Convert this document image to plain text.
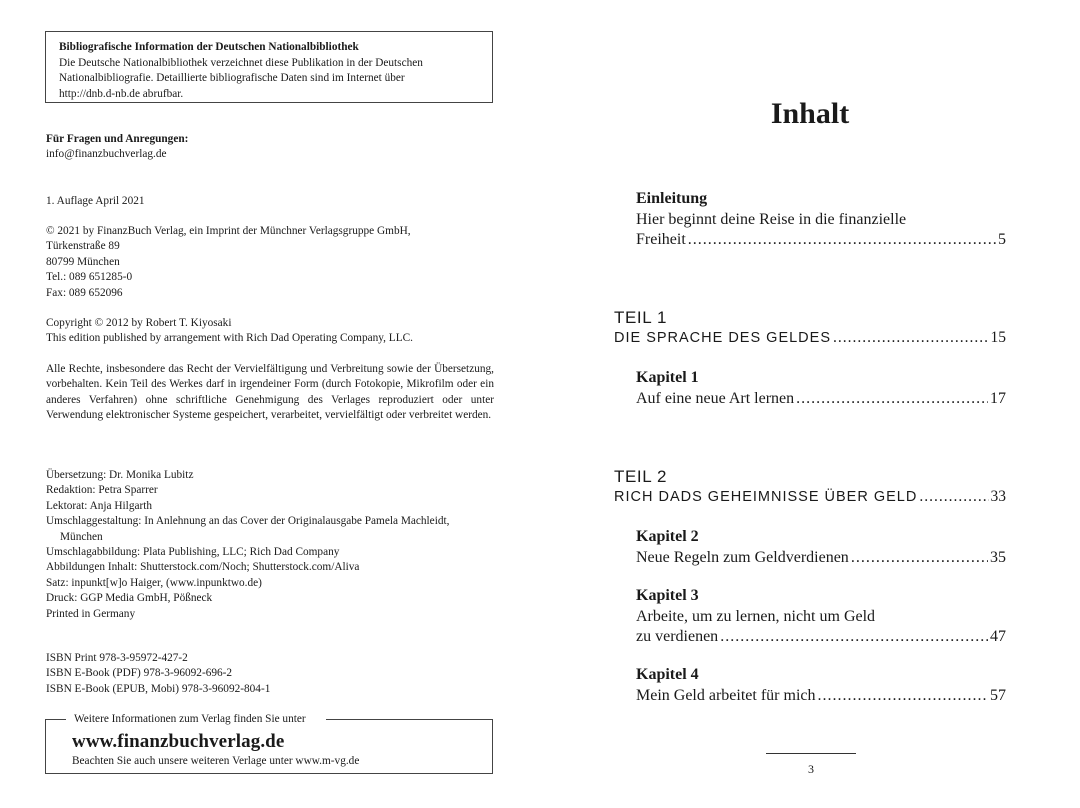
Bibliografische Information der Deutschen Nationalbibliothek
Die Deutsche Nationalbibliothek verzeichnet diese Publikation in der Deutschen
Nationalbibliografie. Detaillierte bibliografische Daten sind im Internet über
http://dnb.d-nb.de abrufbar.
Für Fragen und Anregungen:
info@finanzbuchverlag.de
1. Auflage April 2021
© 2021 by FinanzBuch Verlag, ein Imprint der Münchner Verlagsgruppe GmbH,
Türkenstraße 89
80799 München
Tel.: 089 651285-0
Fax: 089 652096
Copyright © 2012 by Robert T. Kiyosaki
This edition published by arrangement with Rich Dad Operating Company, LLC.
Alle Rechte, insbesondere das Recht der Vervielfältigung und Verbreitung sowie der Übersetzung, vorbehalten. Kein Teil des Werkes darf in irgendeiner Form (durch Fotokopie, Mikrofilm oder ein anderes Verfahren) ohne schriftliche Genehmigung des Verlages reproduziert oder unter Verwendung elektronischer Systeme gespeichert, verarbeitet, vervielfältigt oder verbreitet werden.
Übersetzung: Dr. Monika Lubitz
Redaktion: Petra Sparrer
Lektorat: Anja Hilgarth
Umschlaggestaltung: In Anlehnung an das Cover der Originalausgabe Pamela Machleidt,
München
Umschlagabbildung: Plata Publishing, LLC; Rich Dad Company
Abbildungen Inhalt: Shutterstock.com/Noch; Shutterstock.com/Aliva
Satz: inpunkt[w]o Haiger, (www.inpunktwo.de)
Druck: GGP Media GmbH, Pößneck
Printed in Germany
ISBN Print 978-3-95972-427-2
ISBN E-Book (PDF) 978-3-96092-696-2
ISBN E-Book (EPUB, Mobi) 978-3-96092-804-1
Weitere Informationen zum Verlag finden Sie unter
www.finanzbuchverlag.de
Beachten Sie auch unsere weiteren Verlage unter www.m-vg.de
Inhalt
Einleitung
Hier beginnt deine Reise in die finanzielle
Freiheit .....	5
TEIL 1
DIE SPRACHE DES GELDES .....	15
Kapitel 1
Auf eine neue Art lernen .....	17
TEIL 2
RICH DADS GEHEIMNISSE ÜBER GELD .....	33
Kapitel 2
Neue Regeln zum Geldverdienen .....	35
Kapitel 3
Arbeite, um zu lernen, nicht um Geld
zu verdienen .....	47
Kapitel 4
Mein Geld arbeitet für mich .....	57
3
